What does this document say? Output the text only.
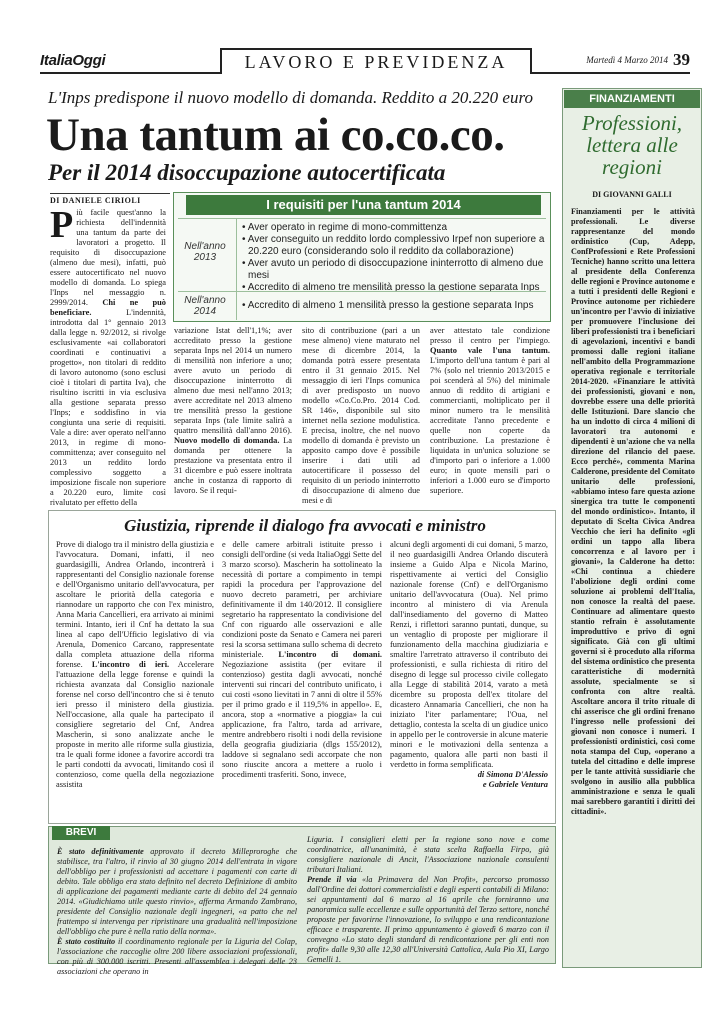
ItaliaOggi	LAVORO E PREVIDENZA	Martedì 4 Marzo 2014 39
L'Inps predispone il nuovo modello di domanda. Reddito a 20.220 euro
Una tantum ai co.co.co.
Per il 2014 disoccupazione autocertificata
DI DANIELE CIRIOLI
Più facile quest'anno la richiesta dell'indennità una tantum da parte dei lavoratori a progetto. Il requisito di disoccupazione (almeno due mesi), infatti, può essere autocertificato nel nuovo modello di domanda. Lo spiega l'Inps nel messaggio n. 2999/2014. Chi ne può beneficiare.	L'indennità, introdotta dal 1° gennaio 2013 dalla legge n. 92/2012, si rivolge esclusivamente «ai collaboratori coordinati e continuativi a progetto», non titolari di reddito di lavoro autonomo (sono esclusi cioè i titolari di partita Iva), che risultino iscritti in via esclusiva alla gestione separata presso l'Inps; e soddisfino in via congiunta una serie di requisiti. Vale a dire: aver operato nell'anno 2013, in regime di mono-committenza; aver conseguito nel 2013 un reddito lordo complessivo soggetto a imposizione fiscale non superiore a 20.220 euro, limite così rivalutato per effetto della
I requisiti per l'una tantum 2014
Nell'anno 2013
• Aver operato in regime di mono-committenza
• Aver conseguito un reddito lordo complessivo Irpef non superiore a 20.220 euro (considerando solo il reddito da collaborazione)
• Aver avuto un periodo di disoccupazione ininterrotto di almeno due mesi
• Accredito di almeno tre mensilità presso la gestione separata Inps
Nell'anno 2014
• Accredito di almeno 1 mensilità presso la gestione separata Inps
variazione Istat dell'1,1%; aver accreditato presso la gestione separata Inps nel 2014 un numero di mensilità non inferiore a uno; avere avuto un periodo di disoccupazione ininterrotto di almeno due mesi nell'anno 2013; avere accreditate nel 2013 almeno tre mensilità presso la gestione separata Inps (tale limite salirà a quattro mensilità dall'anno 2016). Nuovo modello di domanda. La domanda per ottenere la prestazione va presentata entro il 31 dicembre e può essere inoltrata anche in costanza di rapporto di lavoro. Se il requi-
sito di contribuzione (pari a un mese almeno) viene maturato nel mese di dicembre 2014, la domanda potrà essere presentata entro il 31 gennaio 2015. Nel messaggio di ieri l'Inps comunica di aver predisposto un nuovo modello «Co.Co.Pro. 2014 Cod. SR 146», disponibile sul sito internet nella sezione modulistica. E precisa, inoltre, che nel nuovo modello di domanda è previsto un apposito campo dove è possibile inserire i dati utili ad autocertificare il possesso del requisito di un periodo ininterrotto di disoccupazione di almeno due mesi e di
aver attestato tale condizione presso il centro per l'impiego. Quanto vale l'una tantum. L'importo dell'una tantum è pari al 7% (solo nel triennio 2013/2015 e poi scenderà al 5%) del minimale annuo di reddito di artigiani e commercianti, moltiplicato per il minor numero tra le mensilità accreditate l'anno precedente e quelle non coperte da contribuzione. La prestazione è liquidata in un'unica soluzione se d'importo pari o inferiore a 1.000 euro; in quote mensili pari o inferiori a 1.000 euro se d'importo superiore.
Giustizia, riprende il dialogo fra avvocati e ministro
Prove di dialogo tra il ministro della giustizia e l'avvocatura. Domani, infatti, il neo guardasigilli, Andrea Orlando, incontrerà i rappresentanti del Consiglio nazionale forense e dell'Organismo unitario dell'avvocatura, per ascoltare le priorità della categoria e riannodare un rapporto che con l'ex ministro, Anna Maria Cancellieri, era arrivato ai minimi termini. Intanto, ieri il Cnf ha dettato la sua linea al capo dell'Ufficio legislativo di via Arenula, Domenico Carcano, rappresentate dalla completa attuazione della riforma forense. L'incontro di ieri. Accelerare l'attuazione della legge forense e quindi la richiesta avanzata dal Consiglio nazionale forense nel corso dell'incontro che si è tenuto ieri presso il ministero della giustizia. Nell'occasione, alla quale ha partecipato il consigliere segretario del Cnf, Andrea Mascherin, si sono analizzate anche le proposte in merito alle riforme sulla giustizia, tra le quali forme idonee a favorire accordi tra le parti condotti da avvocati, limitando così il contenzioso, come quella della negoziazione assistita
e delle camere arbitrali istituite presso i consigli dell'ordine (si veda ItaliaOggi Sette del 3 marzo scorso). Mascherin ha sottolineato la necessità di portare a compimento in tempi rapidi la procedura per l'approvazione del nuovo decreto parametri, per archiviare definitivamente il dm 140/2012. Il consigliere segretario ha rappresentato la condivisione del Cnf con riguardo alle osservazioni e alle condizioni poste da Senato e Camera nei pareri resi la scorsa settimana sullo schema di decreto ministeriale. L'incontro di domani. Negoziazione assistita (per evitare il contenzioso) gestita dagli avvocati, nonché interventi sui rincari del contributo unificato, i cui costi «sono lievitati in 7 anni di oltre il 55% per il primo grado e il 119,5% in appello». E, ancora, stop a «normative a pioggia» la cui applicazione, fra l'altro, tarda ad arrivare, mentre andrebbero risolti i nodi della revisione della geografia giudiziaria (dlgs 155/2012), laddove si segnalano sedi accorpate che non sono riuscite ancora a mettere a ruolo i procedimenti trasferiti. Sono, invece,
alcuni degli argomenti di cui domani, 5 marzo, il neo guardasigilli Andrea Orlando discuterà insieme a Guido Alpa e Nicola Marino, rispettivamente ai vertici del Consiglio nazionale forense (Cnf) e dell'Organismo unitario dell'avvocatura (Oua). Nel primo incontro al ministero di via Arenula dall'insediamento del governo di Matteo Renzi, i riflettori saranno puntati, dunque, su un ventaglio di proposte per migliorare il funzionamento della macchina giudiziaria e smaltire l'arretrato attraverso il contributo dei professionisti, e sulla richiesta di ritiro del disegno di legge sul processo civile collegato alla Legge di stabilità 2014, varato a metà dicembre su proposta dell'ex titolare del dicastero Annamaria Cancellieri, che non ha iniziato l'iter parlamentare; l'Oua, nel dettaglio, contesta la scelta di un giudice unico in appello per le controversie in alcune materie minori e le motivazioni della sentenza a pagamento, qualora alle parti non basti il verdetto in forma semplificata.
di Simona D'Alessio
e Gabriele Ventura
È stato definitivamente approvato il decreto Milleproroghe che stabilisce, tra l'altro, il rinvio al 30 giugno 2014 dell'entrata in vigore dell'obbligo per i professionisti ad accettare i pagamenti con carte di debito. Tale obbligo era stato definito nel decreto Definizione di ambito di applicazione dei pagamenti mediante carte di debito del 24 gennaio 2014. «Giudichiamo utile questo rinvio», afferma Armando Zambrano, presidente del Consiglio nazionale degli ingegneri, «a patto che nel frattempo si intervenga per ripristinare una gradualità nell'imposizione dell'obbligo che pure è nella ratio della norma».
È stato costituito il coordinamento regionale per la Liguria del Colap, l'associazione che raccoglie oltre 200 libere associazioni professionali, con più di 300.000 iscritti. Presenti all'assemblea i delegati delle 23 associazioni che operano in
Liguria. I consiglieri eletti per la regione sono nove e come coordinatrice, all'unanimità, è stata scelta Raffaella Firpo, già consigliere nazionale di Ancit, l'Associazione nazionale consulenti tributari Italiani.
Prende il via «la Primavera del Non Profit», percorso promosso dall'Ordine dei dottori commercialisti e degli esperti contabili di Milano: sei appuntamenti dal 6 marzo al 16 aprile che forniranno una panoramica sulle eccellenze e sulle opportunità del Terzo settore, nonché proposte per favorirne l'innovazione, lo sviluppo e una rendicontazione efficace e trasparente. Il primo appuntamento è giovedì 6 marzo con il convegno «Lo stato degli standard di rendicontazione per gli enti non profit» dalle 9,30 alle 12,30 all'Università Cattolica, Aula Pio XI, Largo Gemelli 1.
BREVI
Finanziamenti per le attività professionali. Le diverse rappresentanze del mondo ordinistico (Cup, Adepp, ConfProfessioni e Rete Professioni Tecniche) hanno scritto una lettera al presidente della Conferenza delle regioni e Province autonome e a tutti i presidenti delle Regioni e Province autonome per richiedere un'incontro per l'avvio di iniziative per promuovere l'inclusione dei liberi professionisti tra i beneficiari di agevolazioni, incentivi e bandi promossi dalle regioni italiane nell'ambito della Programmazione operativa regionale e territoriale 2014-2020. «Finanziare le attività dei professionisti, giovani e non, dovrebbe essere una delle priorità delle Istituzioni. Dare slancio che ha un indotto di circa 4 milioni di lavoratori tra autonomi e dipendenti è un'azione che va nella direzione del rilancio del paese. Ecco perché», commenta Marina Calderone, presidente del Comitato unitario delle professioni, «abbiamo inteso fare questa azione sinergica tra tutte le componenti del mondo ordinistico». Intanto, il deputato di Scelta Civica Andrea Vecchio che ieri ha definito «gli ordini un tappo alla libera concorrenza e al lavoro per i giovani», la Calderone ha detto: «Chi continua a chiedere l'abolizione degli ordini come soluzione ai problemi dell'Italia, non conosce la realtà del paese. Continuare ad alimentare questo stantio refrain è assolutamente improduttivo e privo di ogni significato. Già con gli ultimi governi si è proceduto alla riforma del sistema ordinistico che presenta caratteristiche di modernità assolute, specialmente se si confronta con altre realtà. Ascoltare ancora il trito rituale di chi asserisce che gli ordini frenano l'ingresso nelle professioni dei giovani non conosce i numeri. I professionisti ordinistici, così come nota stampa del Cup, «operano a tutela del cittadino e delle imprese per le tante attività sussidiarie che svolgono in ausilio alla pubblica amministrazione e senza le quali mai sarebbero garantiti i diritti dei cittadini».
FINANZIAMENTI
Professioni, lettera alle regioni
DI GIOVANNI GALLI
